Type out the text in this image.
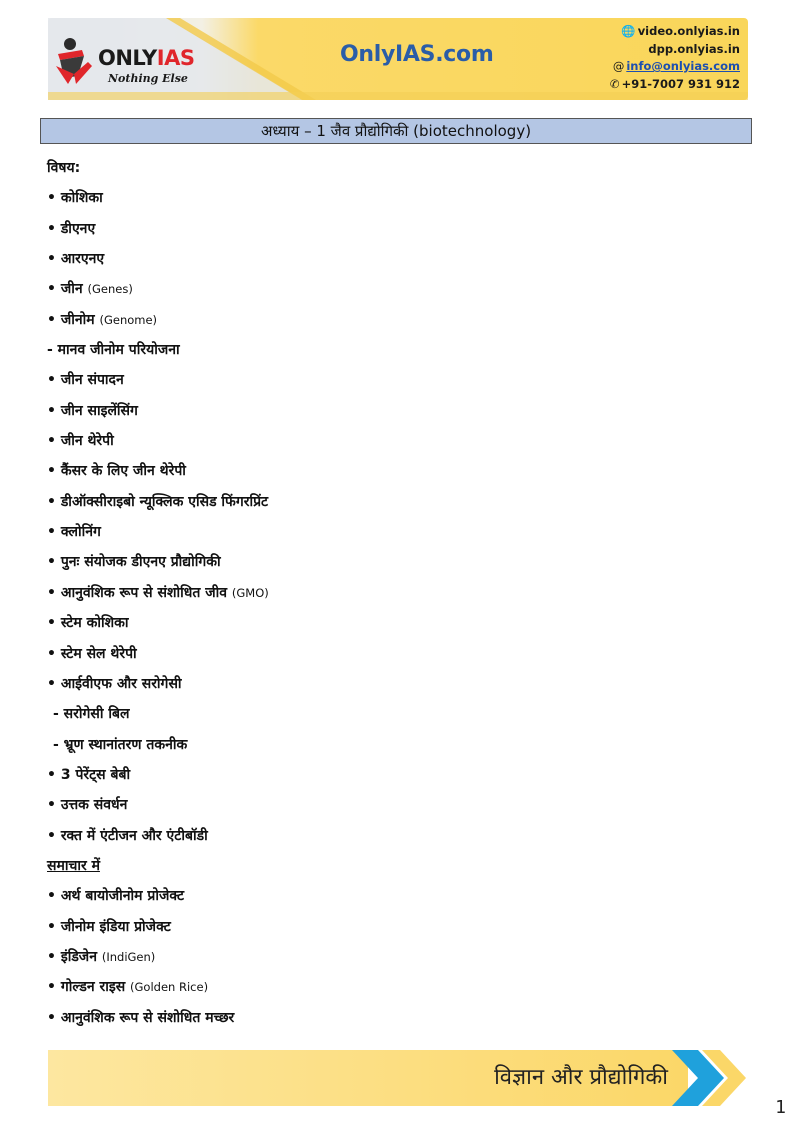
ONLYIAS
Nothing Else
OnlyIAS.com
🌐 video.onlyias.in
dpp.onlyias.in
@ info@onlyias.com
✆ +91-7007 931 912
अध्याय – 1 जैव प्रौद्योगिकी (biotechnology)
विषय:
• कोशिका
• डीएनए
• आरएनए
• जीन (Genes)
• जीनोम (Genome)
- मानव जीनोम परियोजना
• जीन संपादन
• जीन साइलेंसिंग
• जीन थेरेपी
• कैंसर के लिए जीन थेरेपी
• डीऑक्सीराइबो न्यूक्लिक एसिड फिंगरप्रिंट
• क्लोनिंग
• पुनः संयोजक डीएनए प्रौद्योगिकी
• आनुवंशिक रूप से संशोधित जीव (GMO)
• स्टेम कोशिका
• स्टेम सेल थेरेपी
• आईवीएफ और सरोगेसी
- सरोगेसी बिल
- भ्रूण स्थानांतरण तकनीक
• 3 पेरेंट्स बेबी
• उत्तक संवर्धन
• रक्त में एंटीजन और एंटीबॉडी
समाचार में
• अर्थ बायोजीनोम प्रोजेक्ट
• जीनोम इंडिया प्रोजेक्ट
• इंडिजेन (IndiGen)
• गोल्डन राइस (Golden Rice)
• आनुवंशिक रूप से संशोधित मच्छर
विज्ञान और प्रौद्योगिकी
1
